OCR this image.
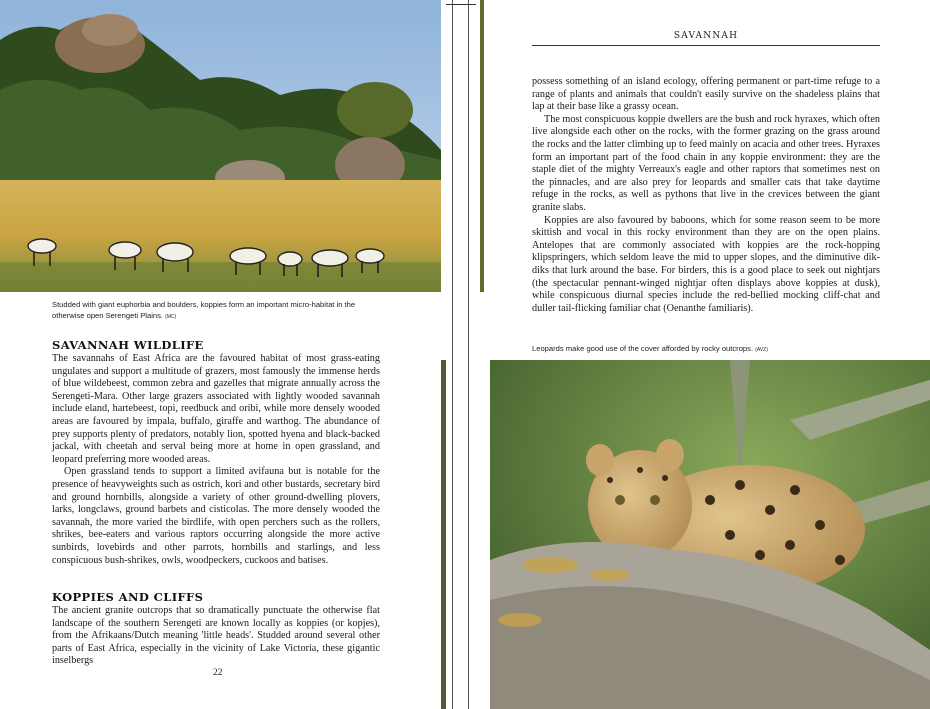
Studded with giant euphorbia and boulders, koppies form an important micro-habitat in the otherwise open Serengeti Plains. (MC)
SAVANNAH WILDLIFE

The savannahs of East Africa are the favoured habitat of most grass-eating ungulates and support a multitude of grazers, most famously the immense herds of blue wildebeest, common zebra and gazelles that migrate annually across the Serengeti-Mara. Other large grazers associated with lightly wooded savannah include eland, hartebeest, topi, reedbuck and oribi, while more densely wooded areas are favoured by impala, buffalo, giraffe and warthog. The abundance of prey supports plenty of predators, notably lion, spotted hyena and black-backed jackal, with cheetah and serval being more at home in open grassland, and leopard preferring more wooded areas.

Open grassland tends to support a limited avifauna but is notable for the presence of heavyweights such as ostrich, kori and other bustards, secretary bird and ground hornbills, alongside a variety of other ground-dwelling plovers, larks, longclaws, ground barbets and cisticolas. The more densely wooded the savannah, the more varied the birdlife, with open perchers such as the rollers, shrikes, bee-eaters and various raptors occurring alongside the more active sunbirds, lovebirds and other parrots, hornbills and starlings, and less conspicuous bush-shrikes, owls, woodpeckers, cuckoos and batises.

KOPPIES AND CLIFFS

The ancient granite outcrops that so dramatically punctuate the otherwise flat landscape of the southern Serengeti are known locally as koppies (or kopjes), from the Afrikaans/Dutch meaning 'little heads'. Studded around several other parts of East Africa, especially in the vicinity of Lake Victoria, these gigantic inselbergs

22
SAVANNAH

possess something of an island ecology, offering permanent or part-time refuge to a range of plants and animals that couldn't easily survive on the shadeless plains that lap at their base like a grassy ocean.

The most conspicuous koppie dwellers are the bush and rock hyraxes, which often live alongside each other on the rocks, with the former grazing on the grass around the rocks and the latter climbing up to feed mainly on acacia and other trees. Hyraxes form an important part of the food chain in any koppie environment: they are the staple diet of the mighty Verreaux's eagle and other raptors that sometimes nest on the pinnacles, and are also prey for leopards and smaller cats that take daytime refuge in the rocks, as well as pythons that live in the crevices between the giant granite slabs.

Koppies are also favoured by baboons, which for some reason seem to be more skittish and vocal in this rocky environment than they are on the open plains. Antelopes that are commonly associated with koppies are the rock-hopping klipspringers, which seldom leave the mid to upper slopes, and the diminutive dik-diks that lurk around the base. For birders, this is a good place to seek out nightjars (the spectacular pennant-winged nightjar often displays above koppies at dusk), while conspicuous diurnal species include the red-bellied mocking cliff-chat and duller tail-flicking familiar chat (Oenanthe familiaris).

Leopards make good use of the cover afforded by rocky outcrops. (AVZ)
